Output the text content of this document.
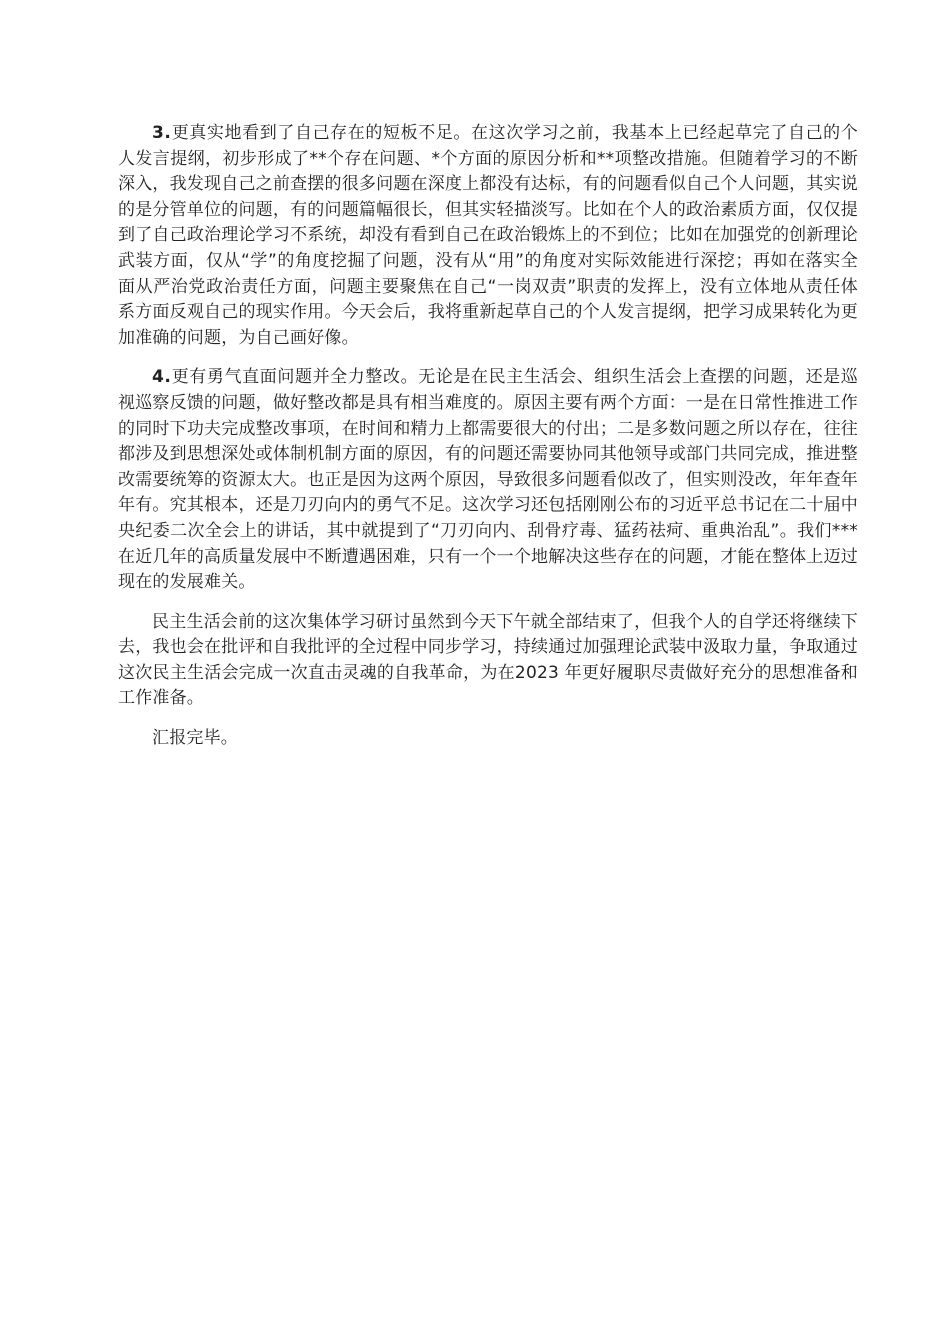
3.更真实地看到了自己存在的短板不足。在这次学习之前，我基本上已经起草完了自己的个人发言提纲，初步形成了**个存在问题、*个方面的原因分析和**项整改措施。但随着学习的不断深入，我发现自己之前查摆的很多问题在深度上都没有达标，有的问题看似自己个人问题，其实说的是分管单位的问题，有的问题篇幅很长，但其实轻描淡写。比如在个人的政治素质方面，仅仅提到了自己政治理论学习不系统，却没有看到自己在政治锻炼上的不到位；比如在加强党的创新理论武装方面，仅从“学”的角度挖掘了问题，没有从“用”的角度对实际效能进行深挖；再如在落实全面从严治党政治责任方面，问题主要聚焦在自己“一岗双责”职责的发挥上，没有立体地从责任体系方面反观自己的现实作用。今天会后，我将重新起草自己的个人发言提纲，把学习成果转化为更加准确的问题，为自己画好像。

4.更有勇气直面问题并全力整改。无论是在民主生活会、组织生活会上查摆的问题，还是巡视巡察反馈的问题，做好整改都是具有相当难度的。原因主要有两个方面：一是在日常性推进工作的同时下功夫完成整改事项，在时间和精力上都需要很大的付出；二是多数问题之所以存在，往往都涉及到思想深处或体制机制方面的原因，有的问题还需要协同其他领导或部门共同完成，推进整改需要统筹的资源太大。也正是因为这两个原因，导致很多问题看似改了，但实则没改，年年查年年有。究其根本，还是刀刃向内的勇气不足。这次学习还包括刚刚公布的习近平总书记在二十届中央纪委二次全会上的讲话，其中就提到了“刀刃向内、刮骨疗毒、猛药祛疴、重典治乱”。我们***在近几年的高质量发展中不断遭遇困难，只有一个一个地解决这些存在的问题，才能在整体上迈过现在的发展难关。

民主生活会前的这次集体学习研讨虽然到今天下午就全部结束了，但我个人的自学还将继续下去，我也会在批评和自我批评的全过程中同步学习，持续通过加强理论武装中汲取力量，争取通过这次民主生活会完成一次直击灵魂的自我革命，为在2023 年更好履职尽责做好充分的思想准备和工作准备。

汇报完毕。
